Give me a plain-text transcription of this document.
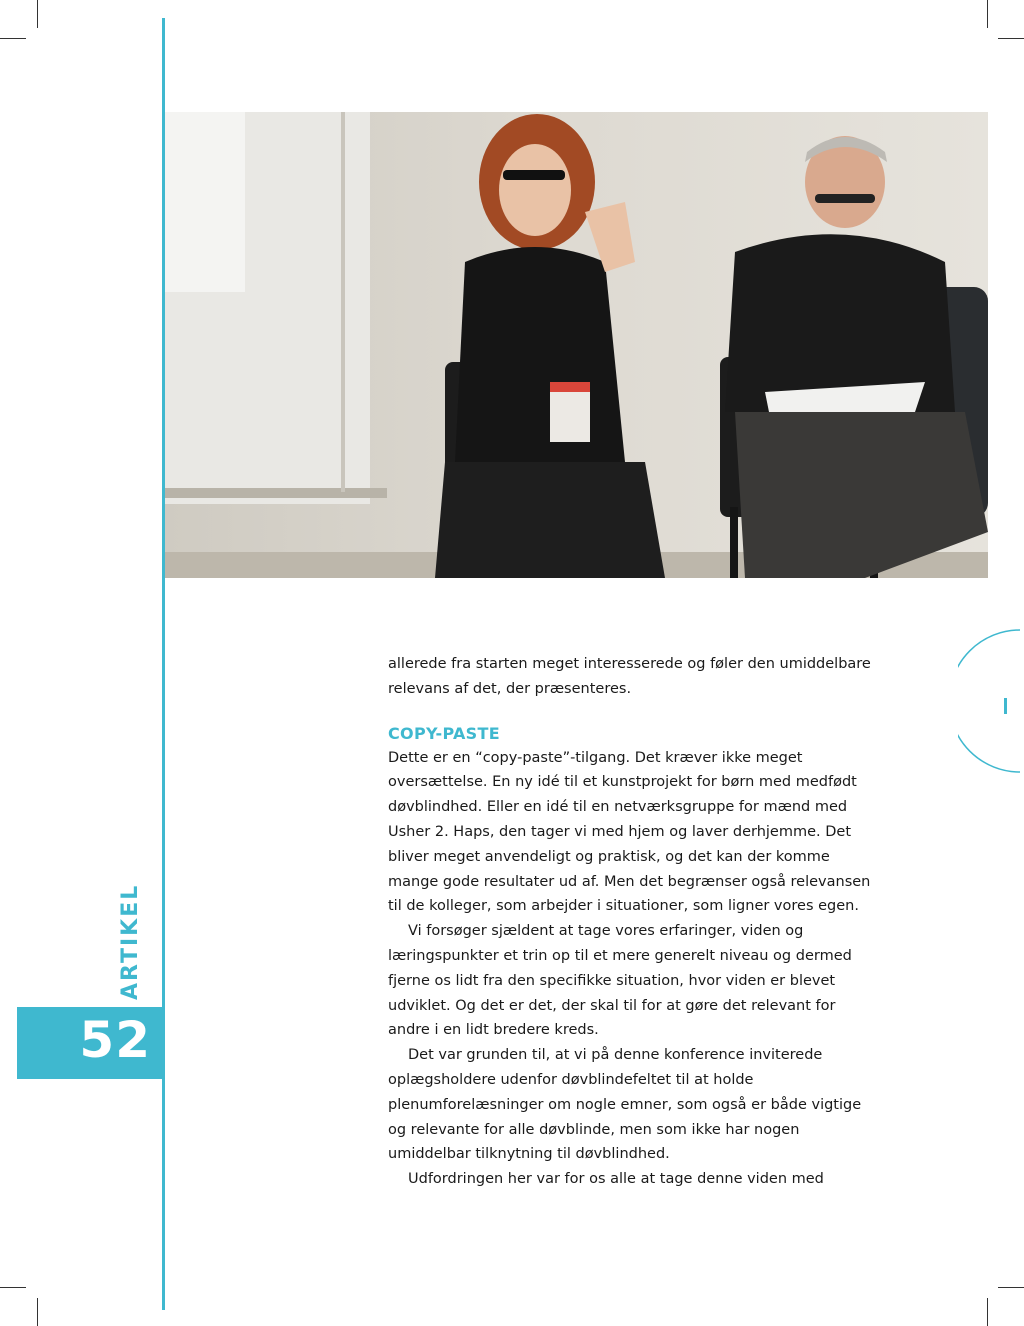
ARTIKEL
52

allerede fra starten meget interesserede og føler den umiddelbare relevans af det, der præsenteres.

COPY-PASTE

Dette er en “copy-paste”-tilgang. Det kræver ikke meget oversættelse. En ny idé til et kunstprojekt for børn med medfødt døvblindhed. Eller en idé til en netværksgruppe for mænd med Usher 2. Haps, den tager vi med hjem og laver derhjemme. Det bliver meget anvendeligt og praktisk, og det kan der komme mange gode resultater ud af. Men det begrænser også relevansen til de kolleger, som arbejder i situationer, som ligner vores egen.

Vi forsøger sjældent at tage vores erfaringer, viden og læringspunkter et trin op til et mere generelt niveau og dermed fjerne os lidt fra den specifikke situation, hvor viden er blevet udviklet. Og det er det, der skal til for at gøre det relevant for andre i en lidt bredere kreds.

Det var grunden til, at vi på denne konference inviterede oplægsholdere udenfor døvblindefeltet til at holde plenumforelæsninger om nogle emner, som også er både vigtige og relevante for alle døvblinde, men som ikke har nogen umiddelbar tilknytning til døvblindhed.

Udfordringen her var for os alle at tage denne viden med
